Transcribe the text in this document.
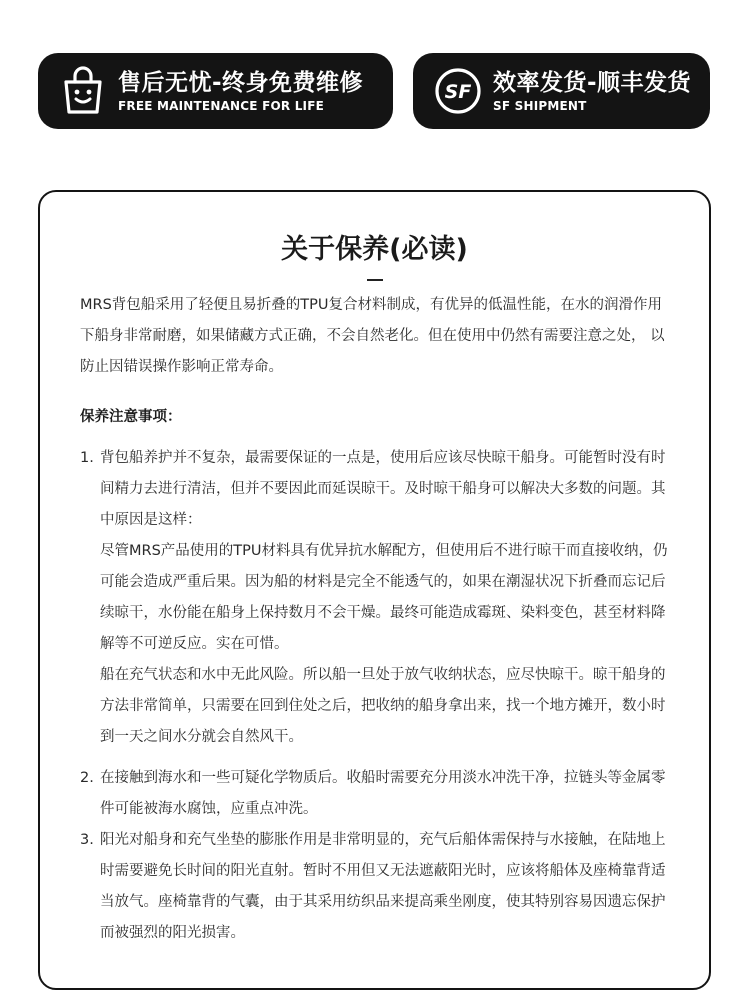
售后无忧-终身免费维修
FREE MAINTENANCE FOR LIFE
SF 效率发货-顺丰发货
SF SHIPMENT
关于保养(必读)

MRS背包船采用了轻便且易折叠的TPU复合材料制成，有优异的低温性能，在水的润滑作用下船身非常耐磨，如果储藏方式正确，不会自然老化。但在使用中仍然有需要注意之处， 以防止因错误操作影响正常寿命。

保养注意事项：

1. 背包船养护并不复杂，最需要保证的一点是，使用后应该尽快晾干船身。可能暂时没有时间精力去进行清洁，但并不要因此而延误晾干。及时晾干船身可以解决大多数的问题。其中原因是这样：

尽管MRS产品使用的TPU材料具有优异抗水解配方，但使用后不进行晾干而直接收纳，仍可能会造成严重后果。因为船的材料是完全不能透气的，如果在潮湿状况下折叠而忘记后续晾干，水份能在船身上保持数月不会干燥。最终可能造成霉斑、染料变色，甚至材料降解等不可逆反应。实在可惜。

船在充气状态和水中无此风险。所以船一旦处于放气收纳状态，应尽快晾干。晾干船身的方法非常简单，只需要在回到住处之后，把收纳的船身拿出来，找一个地方摊开，数小时到一天之间水分就会自然风干。

2. 在接触到海水和一些可疑化学物质后。收船时需要充分用淡水冲洗干净，拉链头等金属零件可能被海水腐蚀，应重点冲洗。

3. 阳光对船身和充气坐垫的膨胀作用是非常明显的，充气后船体需保持与水接触，在陆地上时需要避免长时间的阳光直射。暂时不用但又无法遮蔽阳光时，应该将船体及座椅靠背适当放气。座椅靠背的气囊，由于其采用纺织品来提高乘坐刚度，使其特别容易因遗忘保护而被强烈的阳光损害。
